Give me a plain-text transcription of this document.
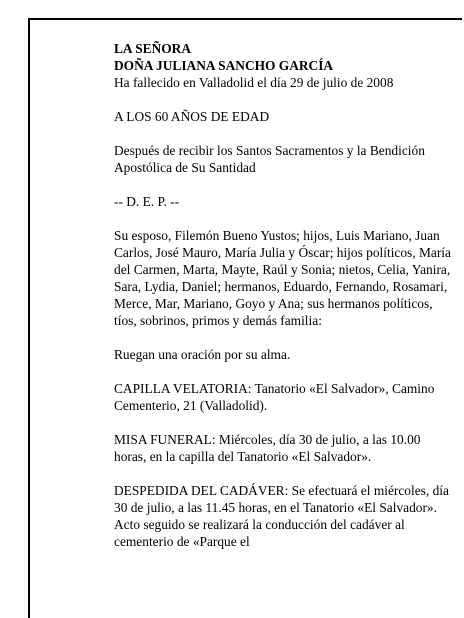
LA SEÑORA

DOÑA JULIANA SANCHO GARCÍA

Ha fallecido en Valladolid el día 29 de julio de 2008

A LOS 60 AÑOS DE EDAD

Después de recibir los Santos Sacramentos y la Bendición Apostólica de Su Santidad

-- D. E. P. --

Su esposo, Filemón Bueno Yustos; hijos, Luis Mariano, Juan Carlos, José Mauro, María Julia y Óscar; hijos políticos, María del Carmen, Marta, Mayte, Raúl y Sonia; nietos, Celia, Yanira, Sara, Lydia, Daniel; hermanos, Eduardo, Fernando, Rosamari, Merce, Mar, Mariano, Goyo y Ana; sus hermanos políticos, tíos, sobrinos, primos y demás familia:

Ruegan una oración por su alma.

CAPILLA VELATORIA: Tanatorio «El Salvador», Camino Cementerio, 21 (Valladolid).

MISA FUNERAL: Miércoles, día 30 de julio, a las 10.00 horas, en la capilla del Tanatorio «El Salvador».

DESPEDIDA DEL CADÁVER: Se efectuará el miércoles, día 30 de julio, a las 11.45 horas, en el Tanatorio «El Salvador». Acto seguido se realizará la conducción del cadáver al cementerio de «Parque el
